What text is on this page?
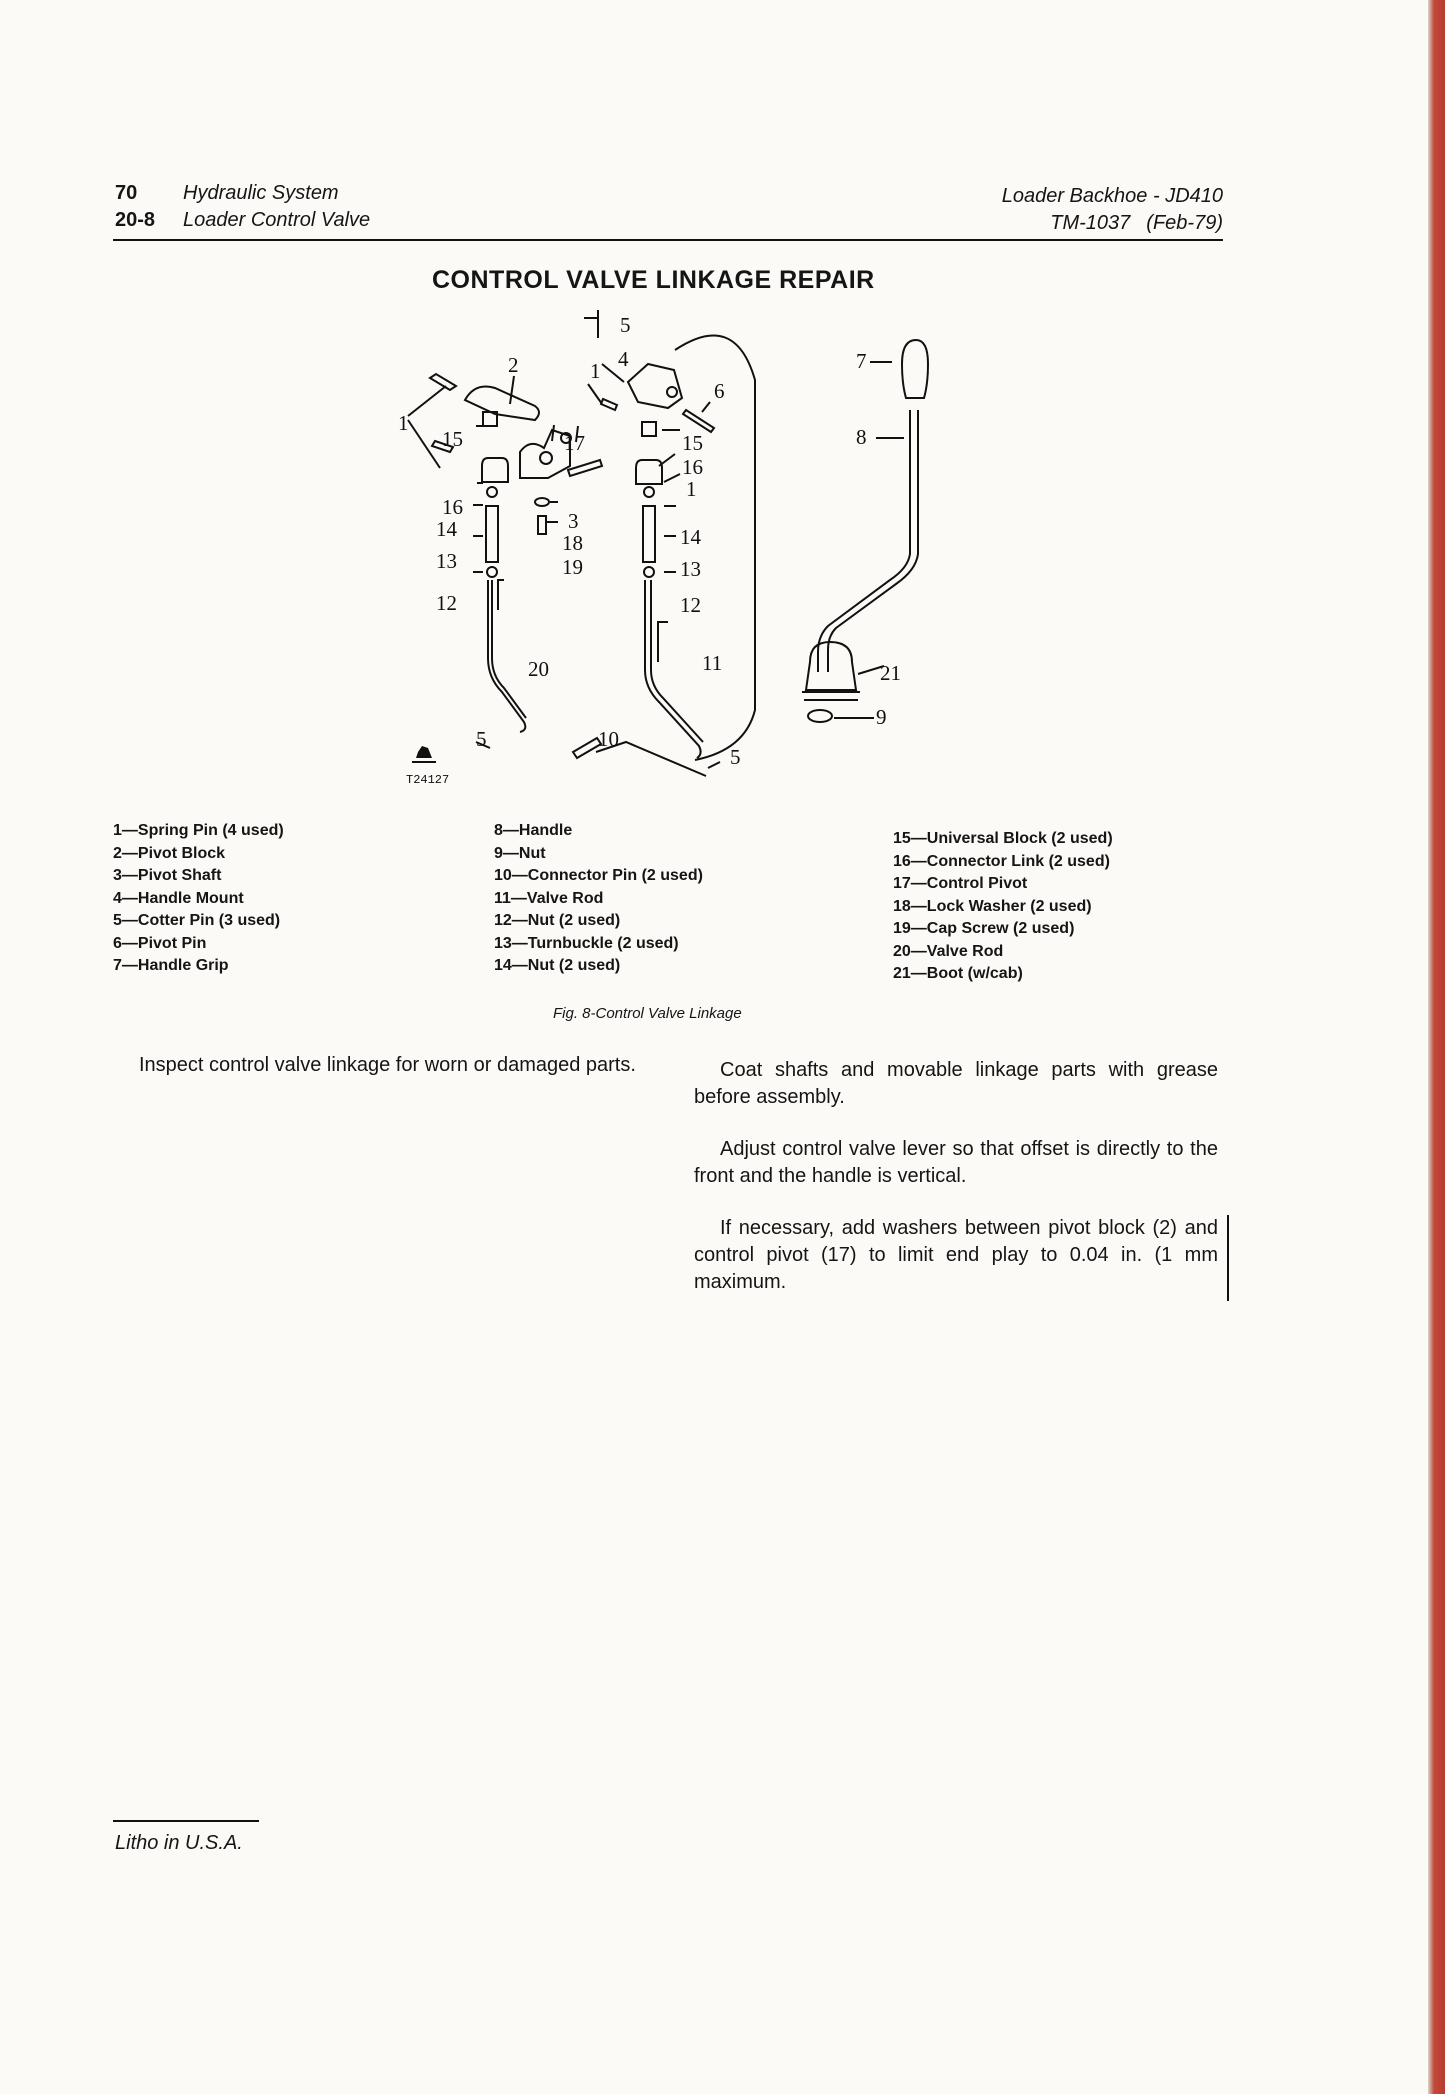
70 Hydraulic System
20-8 Loader Control Valve
Loader Backhoe - JD410
TM-1037 (Feb-79)
CONTROL VALVE LINKAGE REPAIR
T24127
1
2	1
3
4
5
6
7
8
9
10
11
12	12
13	13
14	14
15	15
16
16
1
17
18
19
20	21
5
5
1—Spring Pin (4 used)
2—Pivot Block
3—Pivot Shaft
4—Handle Mount
5—Cotter Pin (3 used)
6—Pivot Pin
7—Handle Grip
8—Handle
9—Nut
10—Connector Pin (2 used)
11—Valve Rod
12—Nut (2 used)
13—Turnbuckle (2 used)
14—Nut (2 used)
15—Universal Block (2 used)
16—Connector Link (2 used)
17—Control Pivot
18—Lock Washer (2 used)
19—Cap Screw (2 used)
20—Valve Rod
21—Boot (w/cab)
Fig. 8-Control Valve Linkage
Inspect control valve linkage for worn or damaged parts.	Coat shafts and movable linkage parts with grease before assembly.
Adjust control valve lever so that offset is directly to the front and the handle is vertical.
If necessary, add washers between pivot block (2) and control pivot (17) to limit end play to 0.04 in. (1 mm maximum.
Litho in U.S.A.
